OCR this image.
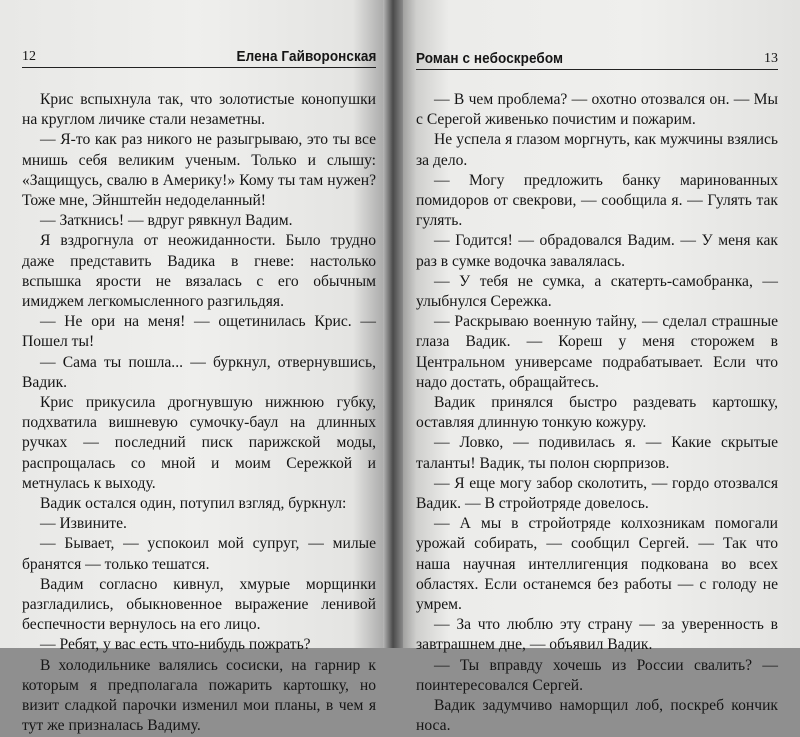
12	Елена Гайворонская

Крис вспыхнула так, что золотистые конопушки на круглом личике стали незаметны.

— Я-то как раз никого не разыгрываю, это ты все мнишь себя великим ученым. Только и слышу: «Защищусь, свалю в Америку!» Кому ты там нужен? Тоже мне, Эйнштейн недоделанный!

— Заткнись! — вдруг рявкнул Вадим.

Я вздрогнула от неожиданности. Было трудно даже представить Вадика в гневе: настолько вспышка ярости не вязалась с его обычным имиджем легкомысленного разгильдяя.

— Не ори на меня! — ощетинилась Крис. — Пошел ты!

— Сама ты пошла... — буркнул, отвернувшись, Вадик.

Крис прикусила дрогнувшую нижнюю губку, подхватила вишневую сумочку-баул на длинных ручках — последний писк парижской моды, распрощалась со мной и моим Сережкой и метнулась к выходу.

Вадик остался один, потупил взгляд, буркнул:

— Извините.

— Бывает, — успокоил мой супруг, — милые бранятся — только тешатся.

Вадим согласно кивнул, хмурые морщинки разгладились, обыкновенное выражение ленивой беспечности вернулось на его лицо.

— Ребят, у вас есть что-нибудь пожрать?

В холодильнике валялись сосиски, на гарнир к которым я предполагала пожарить картошку, но визит сладкой парочки изменил мои планы, в чем я тут же призналась Вадиму.

Роман с небоскребом	13

— В чем проблема? — охотно отозвался он. — Мы с Серегой живенько почистим и пожарим.

Не успела я глазом моргнуть, как мужчины взялись за дело.

— Могу предложить банку маринованных помидоров от свекрови, — сообщила я. — Гулять так гулять.

— Годится! — обрадовался Вадим. — У меня как раз в сумке водочка завалялась.

— У тебя не сумка, а скатерть-самобранка, — улыбнулся Сережка.

— Раскрываю военную тайну, — сделал страшные глаза Вадик. — Кореш у меня сторожем в Центральном универсаме подрабатывает. Если что надо достать, обращайтесь.

Вадик принялся быстро раздевать картошку, оставляя длинную тонкую кожуру.

— Ловко, — подивилась я. — Какие скрытые таланты! Вадик, ты полон сюрпризов.

— Я еще могу забор сколотить, — гордо отозвался Вадик. — В стройотряде довелось.

— А мы в стройотряде колхозникам помогали урожай собирать, — сообщил Сергей. — Так что наша научная интеллигенция подкована во всех областях. Если останемся без работы — с голоду не умрем.

— За что люблю эту страну — за уверенность в завтрашнем дне, — объявил Вадик.

— Ты вправду хочешь из России свалить? — поинтересовался Сергей.

Вадик задумчиво наморщил лоб, поскреб кончик носа.
